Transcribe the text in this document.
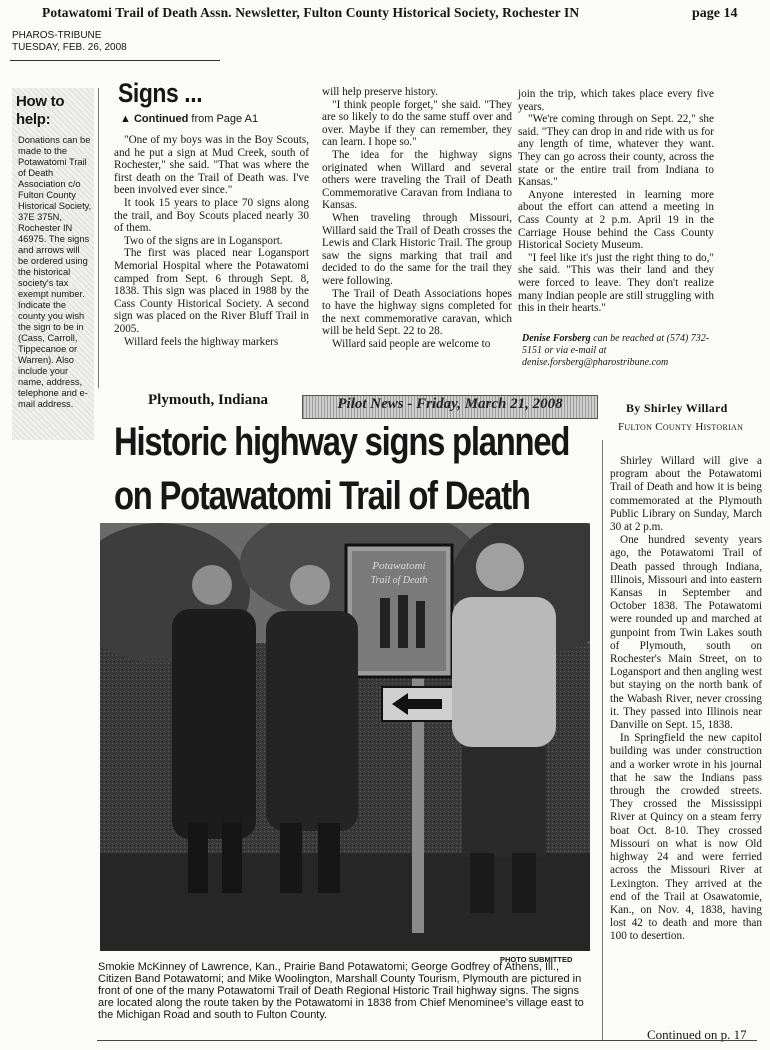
Potawatomi Trail of Death Assn. Newsletter, Fulton County Historical Society, Rochester IN	page 14
PHAROS-TRIBUNE
TUESDAY, FEB. 26, 2008
How to
help:
Donations can be made to the Potawatomi Trail of Death Association c/o Fulton County Historical Society, 37E 375N, Rochester IN 46975. The signs and arrows will be ordered using the historical society's tax exempt number. Indicate the county you wish the sign to be in (Cass, Carroll, Tippecanoe or Warren). Also include your name, address, telephone and e-mail address.
Signs ...
▲ Continued from Page A1

"One of my boys was in the Boy Scouts, and he put a sign at Mud Creek, south of Rochester," she said. "That was where the first death on the Trail of Death was. I've been involved ever since."

It took 15 years to place 70 signs along the trail, and Boy Scouts placed nearly 30 of them.

Two of the signs are in Logansport.

The first was placed near Logansport Memorial Hospital where the Potawatomi camped from Sept. 6 through Sept. 8, 1838. This sign was placed in 1988 by the Cass County Historical Society. A second sign was placed on the River Bluff Trail in 2005.

Willard feels the highway markers

will help preserve history.

"I think people forget," she said. "They are so likely to do the same stuff over and over. Maybe if they can remember, they can learn. I hope so."

The idea for the highway signs originated when Willard and several others were traveling the Trail of Death Commemorative Caravan from Indiana to Kansas.

When traveling through Missouri, Willard said the Trail of Death crosses the Lewis and Clark Historic Trail. The group saw the signs marking that trail and decided to do the same for the trail they were following.

The Trail of Death Associations hopes to have the highway signs completed for the next commemorative caravan, which will be held Sept. 22 to 28.

Willard said people are welcome to

join the trip, which takes place every five years.

"We're coming through on Sept. 22," she said. "They can drop in and ride with us for any length of time, whatever they want. They can go across their county, across the state or the entire trail from Indiana to Kansas."

Anyone interested in learning more about the effort can attend a meeting in Cass County at 2 p.m. April 19 in the Carriage House behind the Cass County Historical Society Museum.

"I feel like it's just the right thing to do," she said. "This was their land and they were forced to leave. They don't realize many Indian people are still struggling with this in their hearts."

Denise Forsberg can be reached at (574) 732-5151 or via e-mail at denise.forsberg@pharostribune.com
Plymouth, Indiana	Pilot News - Friday, March 21, 2008	By Shirley Willard
Fulton County Historian
Historic highway signs planned
on Potawatomi Trail of Death
Potawatomi
Trail of Death
PHOTO SUBMITTED
Smokie McKinney of Lawrence, Kan., Prairie Band Potawatomi; George Godfrey of Athens, Ill., Citizen Band Potawatomi; and Mike Woolington, Marshall County Tourism, Plymouth are pictured in front of one of the many Potawatomi Trail of Death Regional Historic Trail highway signs. The signs are located along the route taken by the Potawatomi in 1838 from Chief Menominee's village east to the Michigan Road and south to Fulton County.

Shirley Willard will give a program about the Potawatomi Trail of Death and how it is being commemorated at the Plymouth Public Library on Sunday, March 30 at 2 p.m.

One hundred seventy years ago, the Potawatomi Trail of Death passed through Indiana, Illinois, Missouri and into eastern Kansas in September and October 1838. The Potawatomi were rounded up and marched at gunpoint from Twin Lakes south of Plymouth, south on Rochester's Main Street, on to Logansport and then angling west but staying on the north bank of the Wabash River, never crossing it. They passed into Illinois near Danville on Sept. 15, 1838.

In Springfield the new capitol building was under construction and a worker wrote in his journal that he saw the Indians pass through the crowded streets. They crossed the Mississippi River at Quincy on a steam ferry boat Oct. 8-10. They crossed Missouri on what is now Old highway 24 and were ferried across the Missouri River at Lexington. They arrived at the end of the Trail at Osawatomie, Kan., on Nov. 4, 1838, having lost 42 to death and more than 100 to desertion.

Continued on p. 17
